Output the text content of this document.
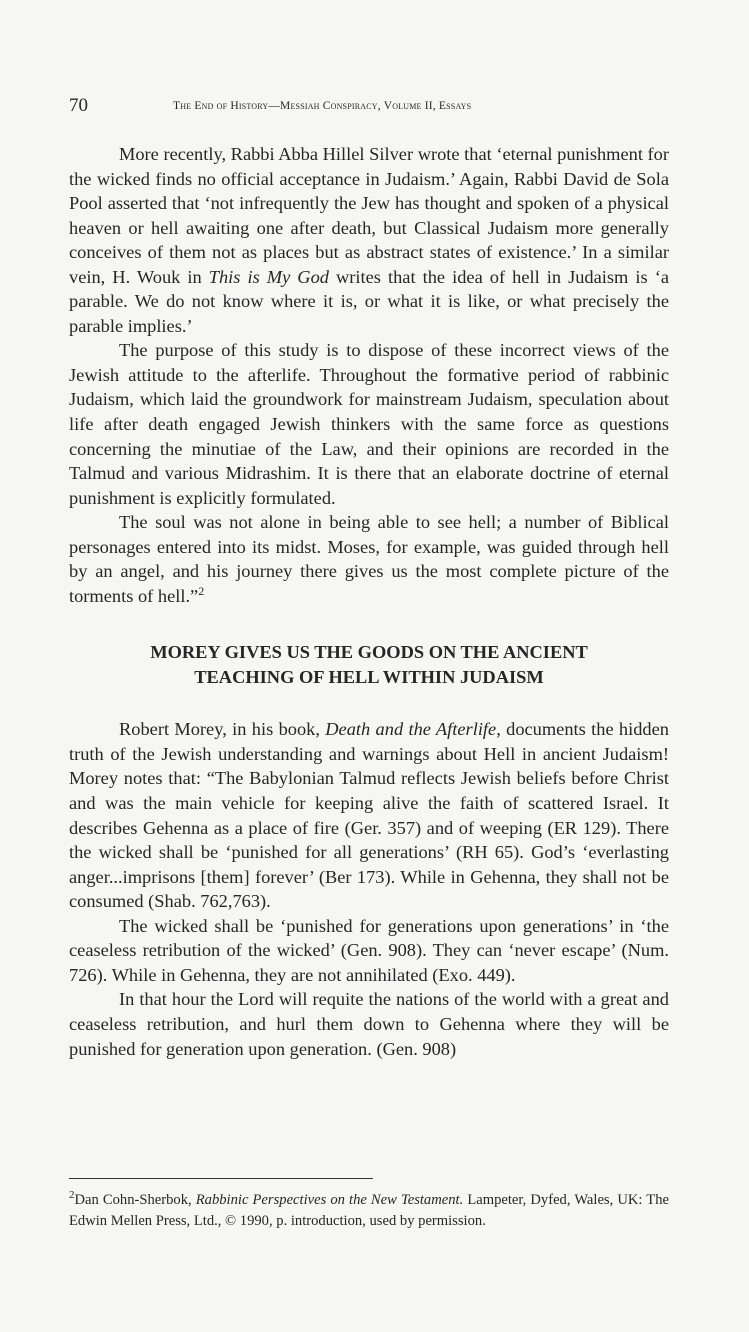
70	The End of History—Messiah Conspiracy, Volume II, Essays

More recently, Rabbi Abba Hillel Silver wrote that ‘eternal punishment for the wicked finds no official acceptance in Judaism.’ Again, Rabbi David de Sola Pool asserted that ‘not infrequently the Jew has thought and spoken of a physical heaven or hell awaiting one after death, but Classical Judaism more generally conceives of them not as places but as abstract states of existence.’ In a similar vein, H. Wouk in This is My God writes that the idea of hell in Judaism is ‘a parable. We do not know where it is, or what it is like, or what precisely the parable implies.’

The purpose of this study is to dispose of these incorrect views of the Jewish attitude to the afterlife. Throughout the formative period of rabbinic Judaism, which laid the groundwork for mainstream Judaism, speculation about life after death engaged Jewish thinkers with the same force as questions concerning the minutiae of the Law, and their opinions are recorded in the Talmud and various Midrashim. It is there that an elaborate doctrine of eternal punishment is explicitly formulated.

The soul was not alone in being able to see hell; a number of Biblical personages entered into its midst. Moses, for example, was guided through hell by an angel, and his journey there gives us the most complete picture of the torments of hell.”$^2$

MOREY GIVES US THE GOODS ON THE ANCIENT
TEACHING OF HELL WITHIN JUDAISM

Robert Morey, in his book, Death and the Afterlife, documents the hidden truth of the Jewish understanding and warnings about Hell in ancient Judaism! Morey notes that: “The Babylonian Talmud reflects Jewish beliefs before Christ and was the main vehicle for keeping alive the faith of scattered Israel. It describes Gehenna as a place of fire (Ger. 357) and of weeping (ER 129). There the wicked shall be ‘punished for all generations’ (RH 65). God’s ‘everlasting anger...imprisons [them] forever’ (Ber 173). While in Gehenna, they shall not be consumed (Shab. 762,763).

The wicked shall be ‘punished for generations upon generations’ in ‘the ceaseless retribution of the wicked’ (Gen. 908). They can ‘never escape’ (Num. 726). While in Gehenna, they are not annihilated (Exo. 449).

In that hour the Lord will requite the nations of the world with a great and ceaseless retribution, and hurl them down to Gehenna where they will be punished for generation upon generation. (Gen. 908)

$^2$Dan Cohn-Sherbok, Rabbinic Perspectives on the New Testament. Lampeter, Dyfed, Wales, UK: The Edwin Mellen Press, Ltd., © 1990, p. introduction, used by permission.
